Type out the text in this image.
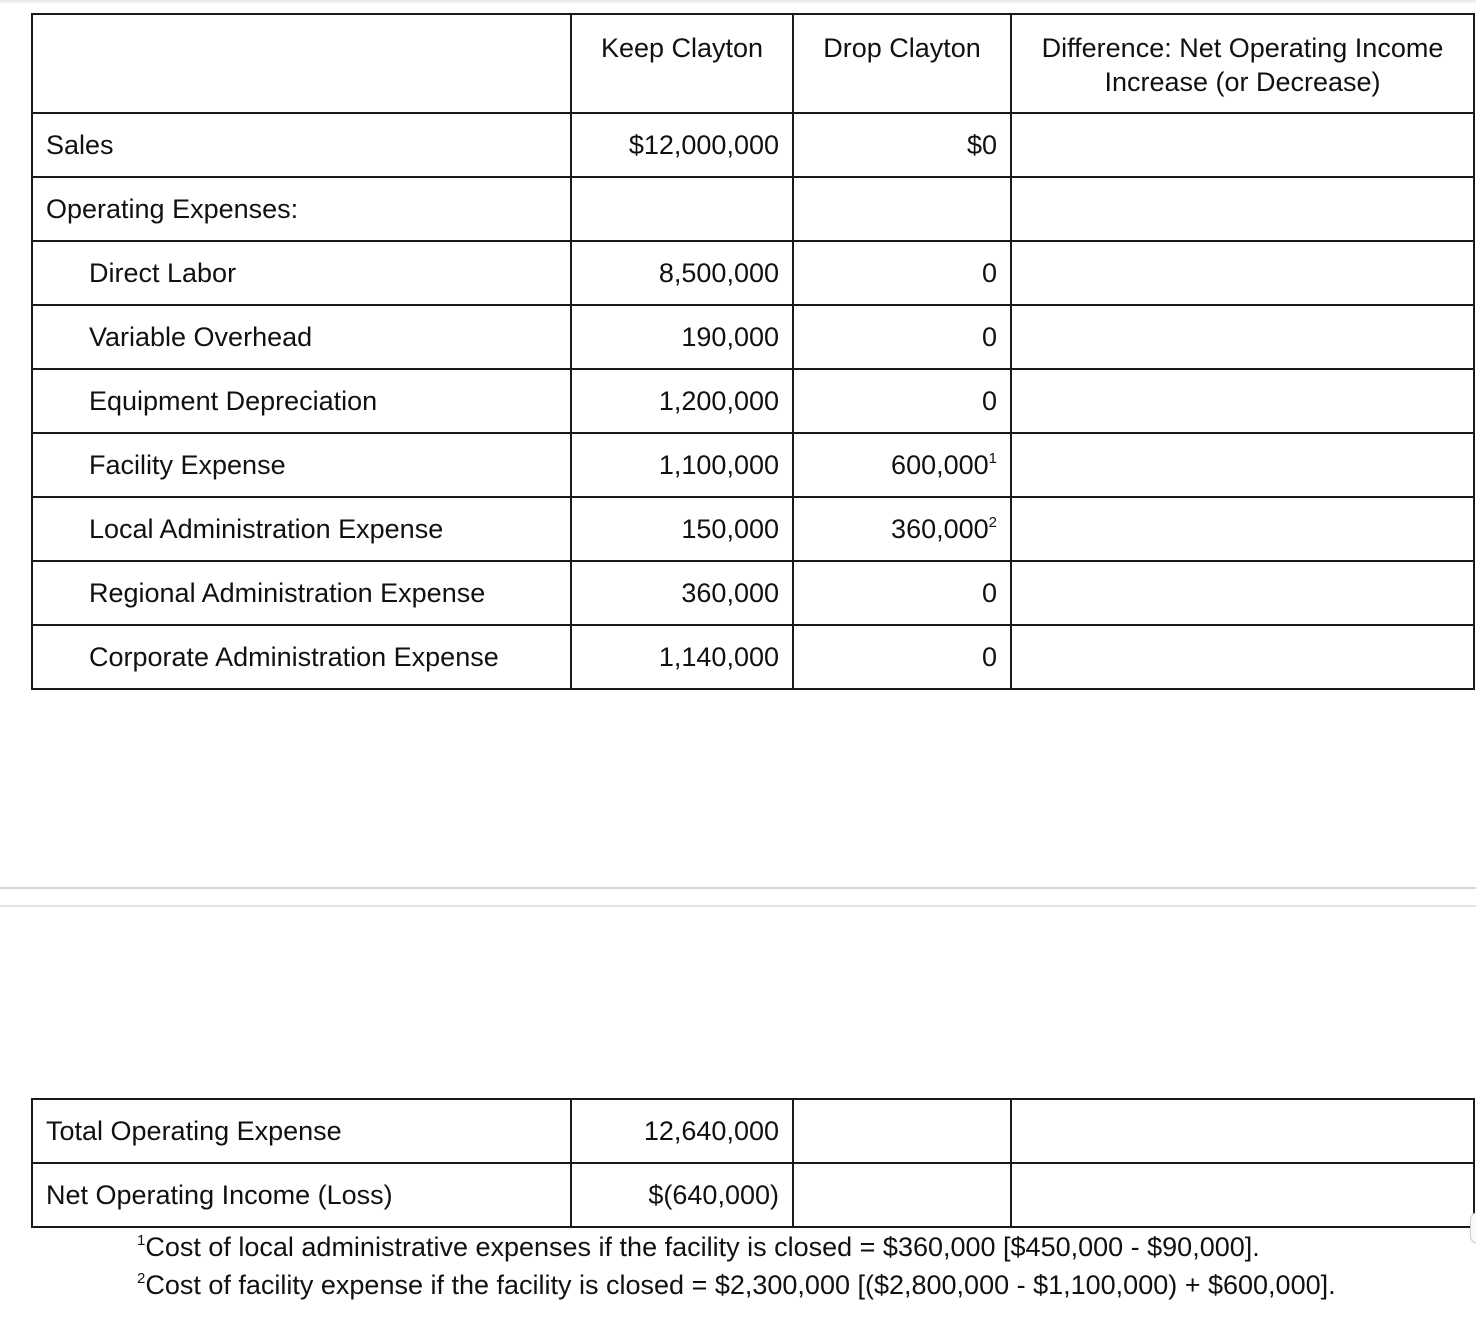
	Keep Clayton	Drop Clayton	Difference: Net Operating Income Increase (or Decrease)
Sales	$12,000,000	$0	
Operating Expenses:			
Direct Labor	8,500,000	0	
Variable Overhead	190,000	0	
Equipment Depreciation	1,200,000	0	
Facility Expense	1,100,000	600,000$^1$	
Local Administration Expense	150,000	360,000$^2$	
Regional Administration Expense	360,000	0	
Corporate Administration Expense	1,140,000	0	
Total Operating Expense	12,640,000		
Net Operating Income (Loss)	$(640,000)		

$^1$Cost of local administrative expenses if the facility is closed = $360,000 [$450,000 - $90,000].

$^2$Cost of facility expense if the facility is closed = $2,300,000 [($2,800,000 - $1,100,000) + $600,000].
